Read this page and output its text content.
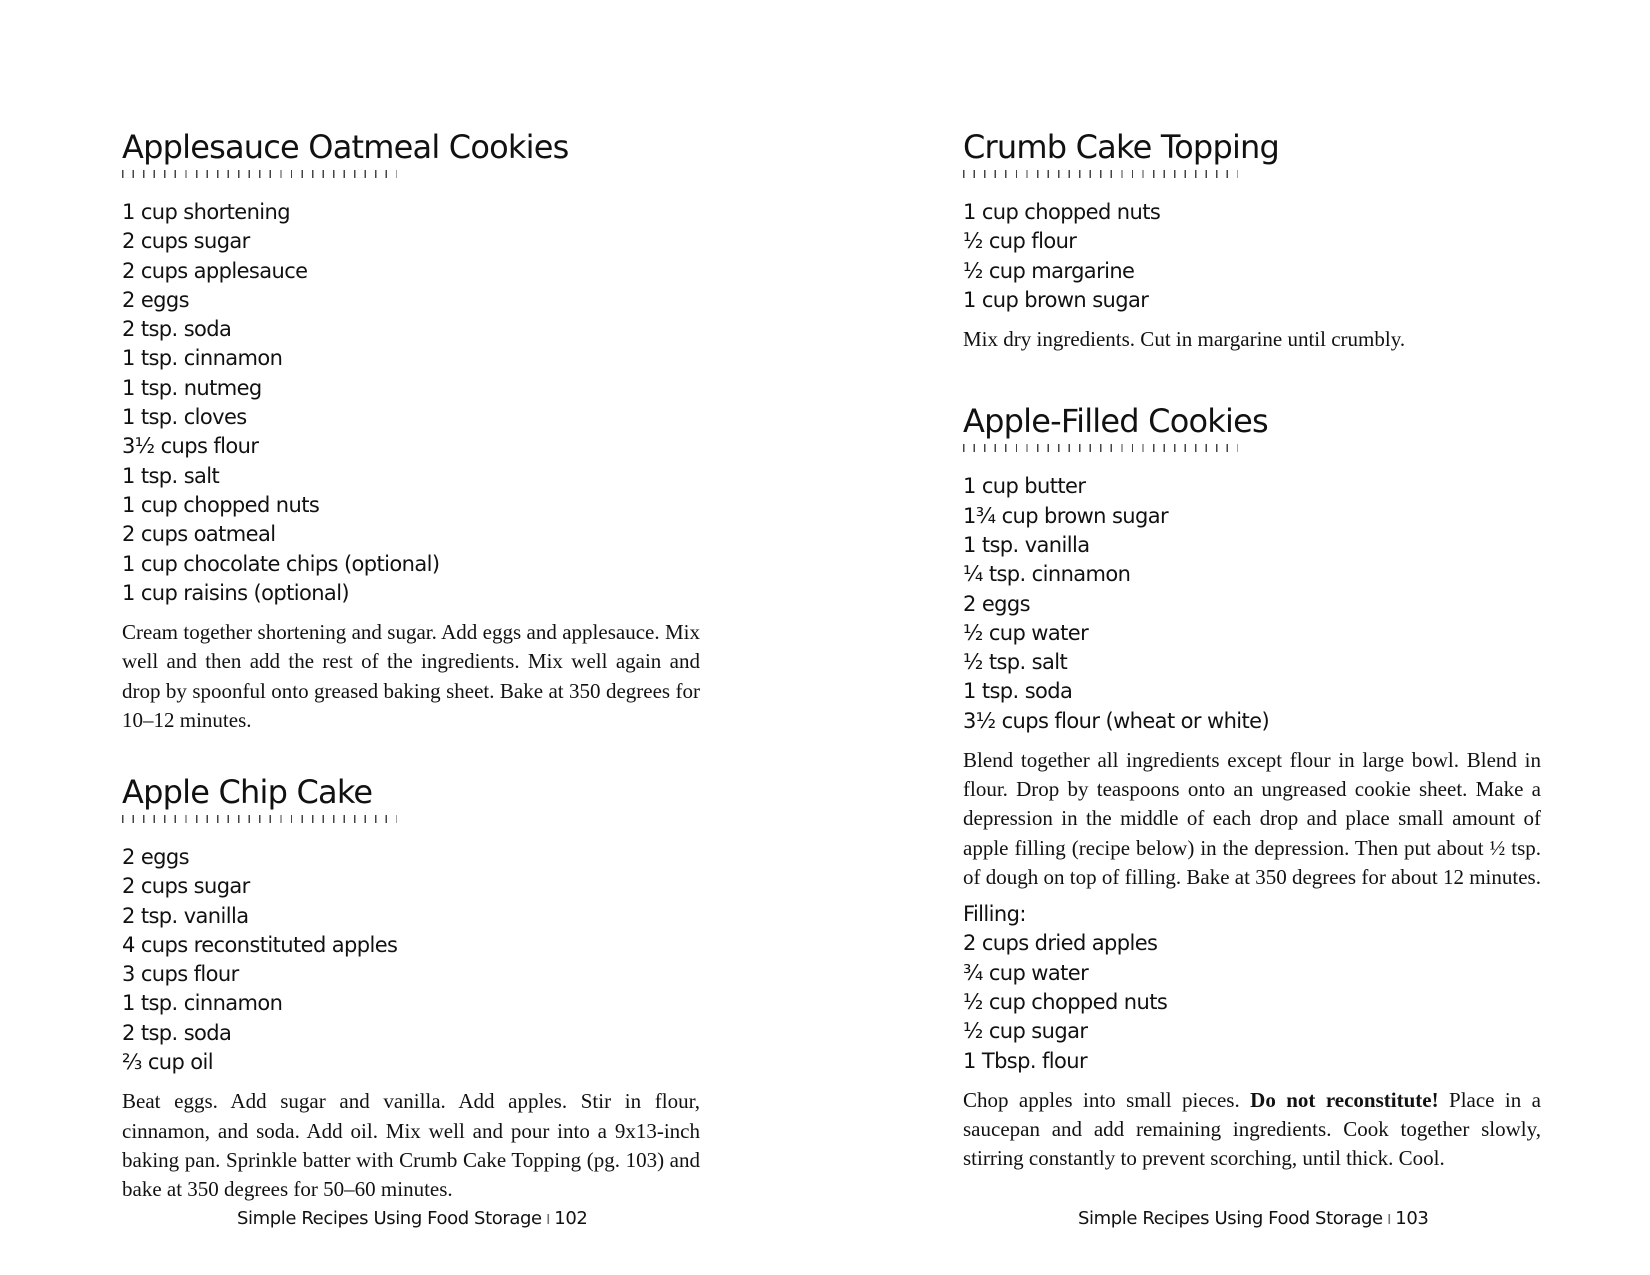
Applesauce Oatmeal Cookies
1 cup shortening
2 cups sugar
2 cups applesauce
2 eggs
2 tsp. soda
1 tsp. cinnamon
1 tsp. nutmeg
1 tsp. cloves
3½ cups flour
1 tsp. salt
1 cup chopped nuts
2 cups oatmeal
1 cup chocolate chips (optional)
1 cup raisins (optional)

Cream together shortening and sugar. Add eggs and applesauce. Mix well and then add the rest of the ingredients. Mix well again and drop by spoonful onto greased baking sheet. Bake at 350 degrees for 10–12 minutes.

Apple Chip Cake
2 eggs
2 cups sugar
2 tsp. vanilla
4 cups reconstituted apples
3 cups flour
1 tsp. cinnamon
2 tsp. soda
⅔ cup oil

Beat eggs. Add sugar and vanilla. Add apples. Stir in flour, cinnamon, and soda. Add oil. Mix well and pour into a 9x13-inch baking pan. Sprinkle batter with Crumb Cake Topping (pg. 103) and bake at 350 degrees for 50–60 minutes.

Simple Recipes Using Food Storage ı 102
Crumb Cake Topping
1 cup chopped nuts
½ cup flour
½ cup margarine
1 cup brown sugar

Mix dry ingredients. Cut in margarine until crumbly.

Apple-Filled Cookies
1 cup butter
1¾ cup brown sugar
1 tsp. vanilla
¼ tsp. cinnamon
2 eggs
½ cup water
½ tsp. salt
1 tsp. soda
3½ cups flour (wheat or white)

Blend together all ingredients except flour in large bowl. Blend in flour. Drop by teaspoons onto an ungreased cookie sheet. Make a depression in the middle of each drop and place small amount of apple filling (recipe below) in the depression. Then put about ½ tsp. of dough on top of filling. Bake at 350 degrees for about 12 minutes.

Filling:
2 cups dried apples
¾ cup water
½ cup chopped nuts
½ cup sugar
1 Tbsp. flour

Chop apples into small pieces. Do not reconstitute! Place in a saucepan and add remaining ingredients. Cook together slowly, stirring constantly to prevent scorching, until thick. Cool.

Simple Recipes Using Food Storage ı 103
